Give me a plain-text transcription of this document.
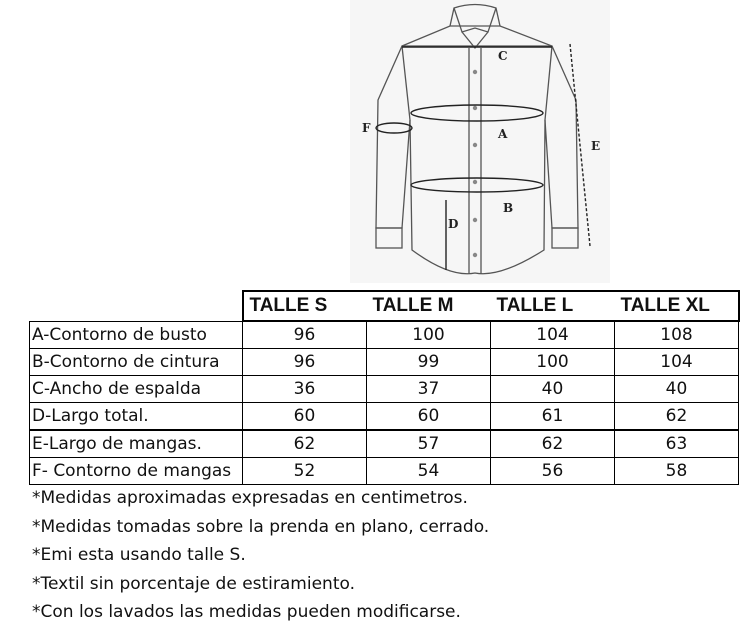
C
A
B
D
E
F
	TALLE S	TALLE M	TALLE L	TALLE XL
A-Contorno de busto	96	100	104	108
B-Contorno de cintura	96	99	100	104
C-Ancho de espalda	36	37	40	40
D-Largo total.	60	60	61	62
E-Largo de mangas.	62	57	62	63
F- Contorno de mangas	52	54	56	58
*Medidas aproximadas expresadas en centimetros.
*Medidas tomadas sobre la prenda en plano, cerrado.
*Emi esta usando talle S.
*Textil sin porcentaje de estiramiento.
*Con los lavados las medidas pueden modificarse.
